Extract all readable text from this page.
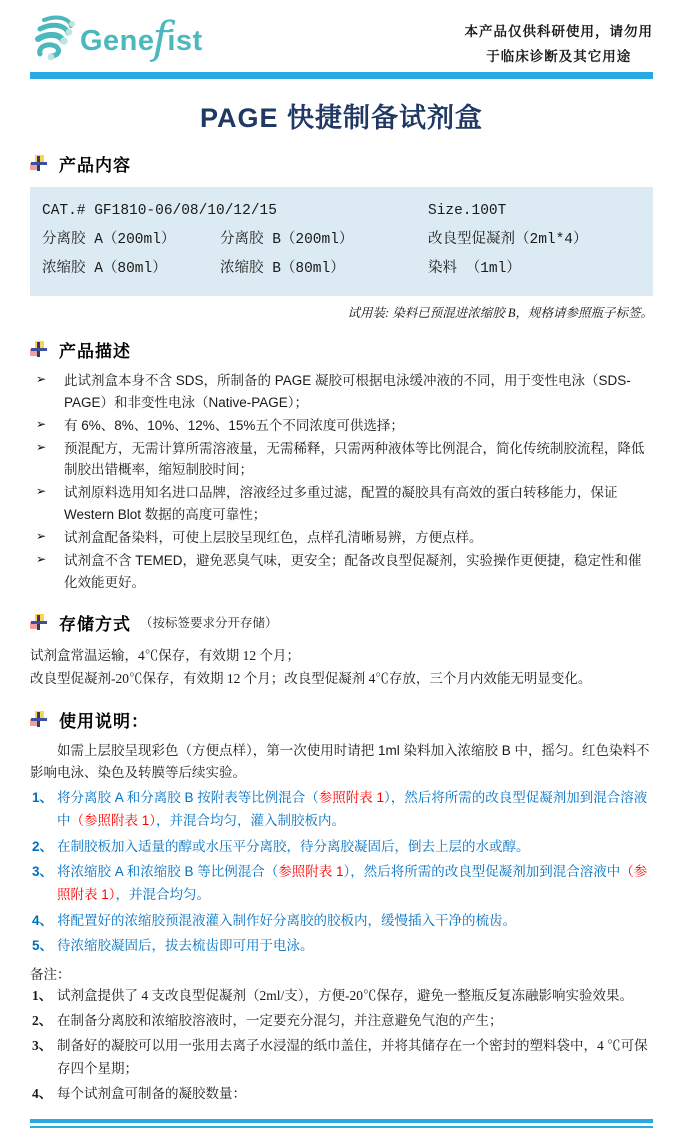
Genefist	本产品仅供科研使用，请勿用
于临床诊断及其它用途
PAGE 快捷制备试剂盒
产品内容
CAT.# GF1810-06/08/10/12/15	Size.100T
分离胶 A（200ml）	分离胶 B（200ml）	改良型促凝剂（2ml*4）
浓缩胶 A（80ml）	浓缩胶 B（80ml）	染料 （1ml）
试用装: 染料已预混进浓缩胶 B，规格请参照瓶子标签。
产品描述
➢ 此试剂盒本身不含 SDS，所制备的 PAGE 凝胶可根据电泳缓冲液的不同，用于变性电泳（SDS-PAGE）和非变性电泳（Native-PAGE）；
➢ 有 6%、8%、10%、12%、15%五个不同浓度可供选择；
➢ 预混配方，无需计算所需溶液量，无需稀释，只需两种液体等比例混合，简化传统制胶流程，降低制胶出错概率，缩短制胶时间；
➢ 试剂原料选用知名进口品牌，溶液经过多重过滤，配置的凝胶具有高效的蛋白转移能力，保证 Western Blot 数据的高度可靠性；
➢ 试剂盒配备染料，可使上层胶呈现红色，点样孔清晰易辨，方便点样。
➢ 试剂盒不含 TEMED，避免恶臭气味，更安全；配备改良型促凝剂，实验操作更便捷，稳定性和催化效能更好。
存储方式 （按标签要求分开存储）
试剂盒常温运输，4℃保存，有效期 12 个月；
改良型促凝剂-20℃保存，有效期 12 个月；改良型促凝剂 4℃存放，三个月内效能无明显变化。
使用说明：

如需上层胶呈现彩色（方便点样），第一次使用时请把 1ml 染料加入浓缩胶 B 中，摇匀。红色染料不影响电泳、染色及转膜等后续实验。

1、 将分离胶 A 和分离胶 B 按附表等比例混合（参照附表 1），然后将所需的改良型促凝剂加到混合溶液中（参照附表 1），并混合均匀，灌入制胶板内。
2、 在制胶板加入适量的醇或水压平分离胶，待分离胶凝固后，倒去上层的水或醇。
3、 将浓缩胶 A 和浓缩胶 B 等比例混合（参照附表 1），然后将所需的改良型促凝剂加到混合溶液中（参照附表 1），并混合均匀。
4、 将配置好的浓缩胶预混液灌入制作好分离胶的胶板内，缓慢插入干净的梳齿。
5、 待浓缩胶凝固后，拔去梳齿即可用于电泳。
备注：
1、 试剂盒提供了 4 支改良型促凝剂（2ml/支），方便-20℃保存，避免一整瓶反复冻融影响实验效果。
2、 在制备分离胶和浓缩胶溶液时，一定要充分混匀，并注意避免气泡的产生；
3、 制备好的凝胶可以用一张用去离子水浸湿的纸巾盖住，并将其储存在一个密封的塑料袋中，4 ℃可保存四个星期；
4、 每个试剂盒可制备的凝胶数量：
